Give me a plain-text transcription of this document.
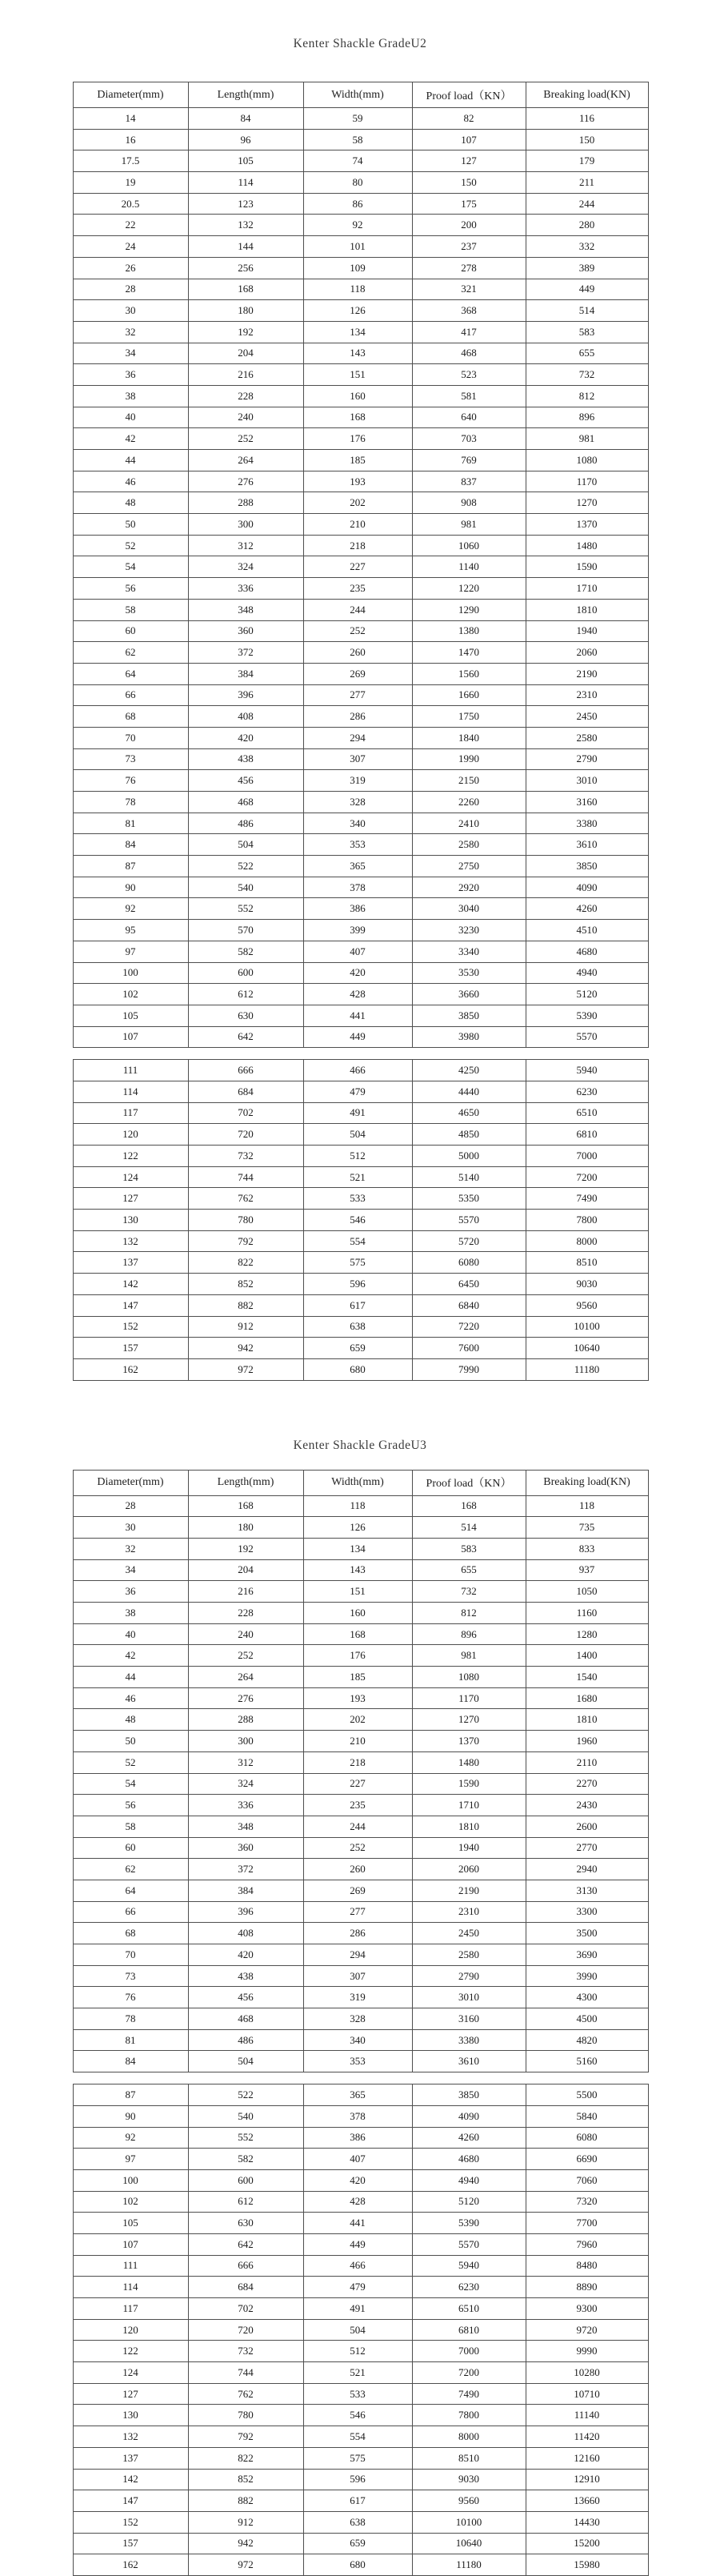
Kenter Shackle GradeU2
Diameter(mm)	Length(mm)	Width(mm)	Proof load（KN）	Breaking load(KN)
14	84	59	82	116
16	96	58	107	150
17.5	105	74	127	179
19	114	80	150	211
20.5	123	86	175	244
22	132	92	200	280
24	144	101	237	332
26	256	109	278	389
28	168	118	321	449
30	180	126	368	514
32	192	134	417	583
34	204	143	468	655
36	216	151	523	732
38	228	160	581	812
40	240	168	640	896
42	252	176	703	981
44	264	185	769	1080
46	276	193	837	1170
48	288	202	908	1270
50	300	210	981	1370
52	312	218	1060	1480
54	324	227	1140	1590
56	336	235	1220	1710
58	348	244	1290	1810
60	360	252	1380	1940
62	372	260	1470	2060
64	384	269	1560	2190
66	396	277	1660	2310
68	408	286	1750	2450
70	420	294	1840	2580
73	438	307	1990	2790
76	456	319	2150	3010
78	468	328	2260	3160
81	486	340	2410	3380
84	504	353	2580	3610
87	522	365	2750	3850
90	540	378	2920	4090
92	552	386	3040	4260
95	570	399	3230	4510
97	582	407	3340	4680
100	600	420	3530	4940
102	612	428	3660	5120
105	630	441	3850	5390
107	642	449	3980	5570
111	666	466	4250	5940
114	684	479	4440	6230
117	702	491	4650	6510
120	720	504	4850	6810
122	732	512	5000	7000
124	744	521	5140	7200
127	762	533	5350	7490
130	780	546	5570	7800
132	792	554	5720	8000
137	822	575	6080	8510
142	852	596	6450	9030
147	882	617	6840	9560
152	912	638	7220	10100
157	942	659	7600	10640
162	972	680	7990	11180
Kenter Shackle GradeU3
Diameter(mm)	Length(mm)	Width(mm)	Proof load（KN）	Breaking load(KN)
28	168	118	168	118
30	180	126	514	735
32	192	134	583	833
34	204	143	655	937
36	216	151	732	1050
38	228	160	812	1160
40	240	168	896	1280
42	252	176	981	1400
44	264	185	1080	1540
46	276	193	1170	1680
48	288	202	1270	1810
50	300	210	1370	1960
52	312	218	1480	2110
54	324	227	1590	2270
56	336	235	1710	2430
58	348	244	1810	2600
60	360	252	1940	2770
62	372	260	2060	2940
64	384	269	2190	3130
66	396	277	2310	3300
68	408	286	2450	3500
70	420	294	2580	3690
73	438	307	2790	3990
76	456	319	3010	4300
78	468	328	3160	4500
81	486	340	3380	4820
84	504	353	3610	5160
87	522	365	3850	5500
90	540	378	4090	5840
92	552	386	4260	6080
97	582	407	4680	6690
100	600	420	4940	7060
102	612	428	5120	7320
105	630	441	5390	7700
107	642	449	5570	7960
111	666	466	5940	8480
114	684	479	6230	8890
117	702	491	6510	9300
120	720	504	6810	9720
122	732	512	7000	9990
124	744	521	7200	10280
127	762	533	7490	10710
130	780	546	7800	11140
132	792	554	8000	11420
137	822	575	8510	12160
142	852	596	9030	12910
147	882	617	9560	13660
152	912	638	10100	14430
157	942	659	10640	15200
162	972	680	11180	15980
